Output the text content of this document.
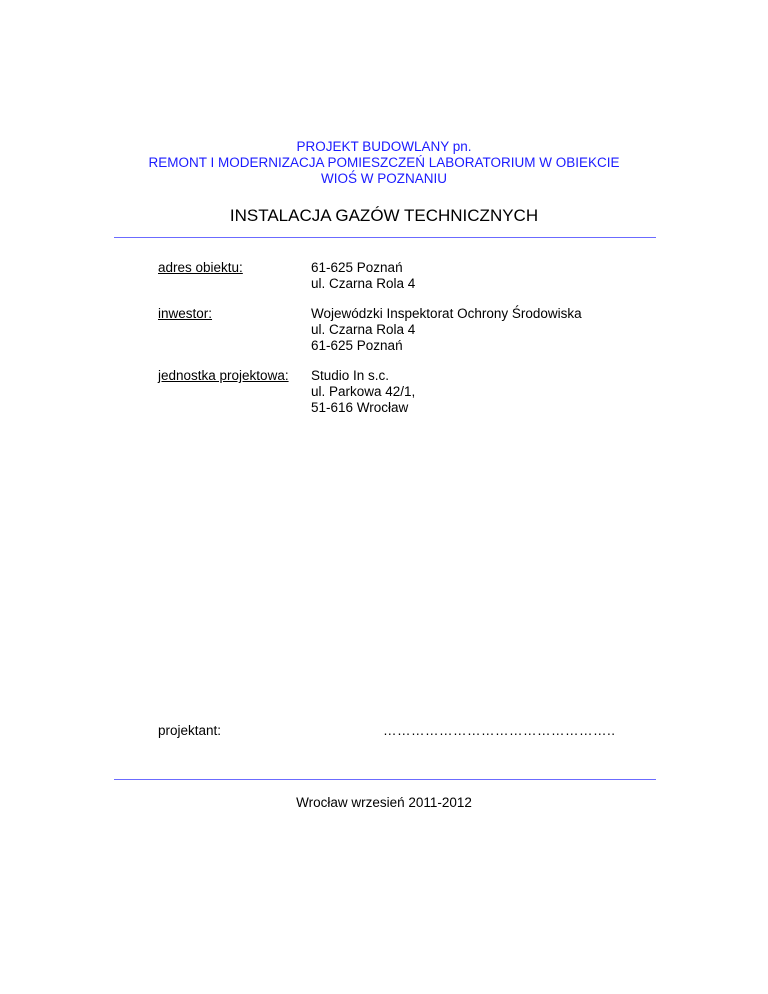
PROJEKT BUDOWLANY pn.
REMONT I MODERNIZACJA POMIESZCZEŃ LABORATORIUM W OBIEKCIE
WIOŚ W POZNANIU
INSTALACJA GAZÓW TECHNICZNYCH
adres obiektu:	61-625 Poznań
ul. Czarna Rola 4
inwestor:	Wojewódzki Inspektorat Ochrony Środowiska
ul. Czarna Rola 4
61-625 Poznań
jednostka projektowa: Studio In s.c.
ul. Parkowa 42/1,
51-616 Wrocław
projektant:	…………………………………………..
Wrocław wrzesień 2011-2012
